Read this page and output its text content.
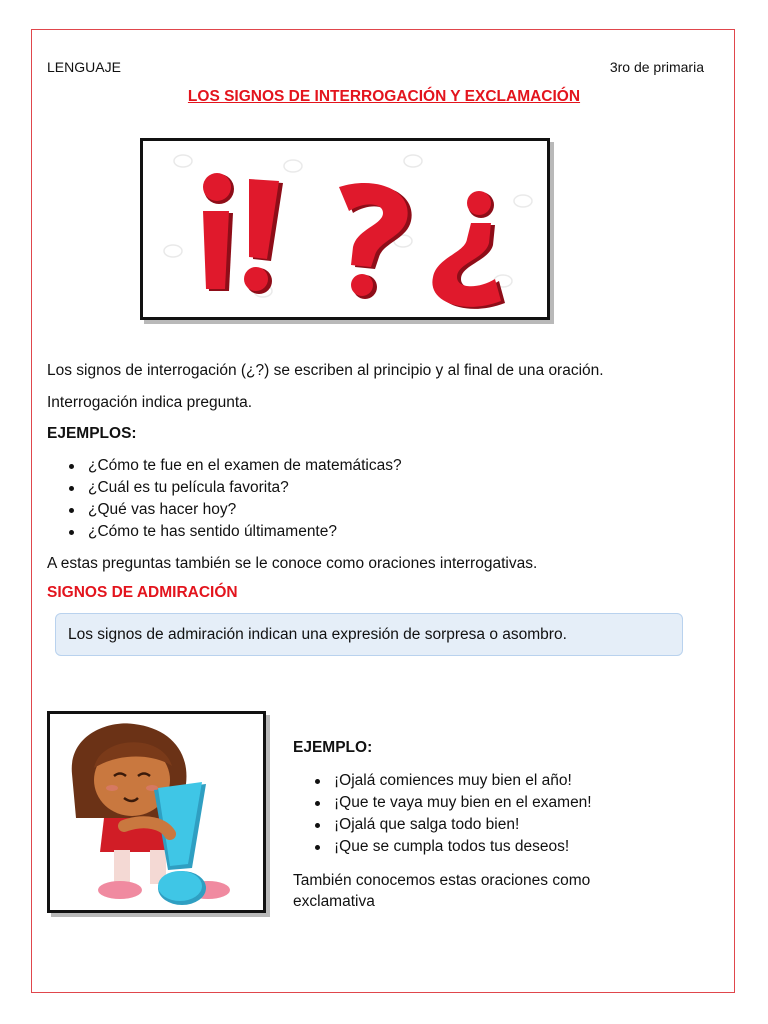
LENGUAJE	3ro de primaria
LOS SIGNOS DE INTERROGACIÓN Y EXCLAMACIÓN
Los signos de interrogación (¿?) se escriben al principio y al final de una oración.
Interrogación indica pregunta.
EJEMPLOS:
¿Cómo te fue en el examen de matemáticas?
¿Cuál es tu película favorita?
¿Qué vas hacer hoy?
¿Cómo te has sentido últimamente?
A estas preguntas también se le conoce como oraciones interrogativas.
SIGNOS DE ADMIRACIÓN
Los signos de admiración indican una expresión de sorpresa o asombro.
EJEMPLO:
¡Ojalá comiences muy bien el año!
¡Que te vaya muy bien en el examen!
¡Ojalá que salga todo bien!
¡Que se cumpla todos tus deseos!
También conocemos estas oraciones como exclamativa
